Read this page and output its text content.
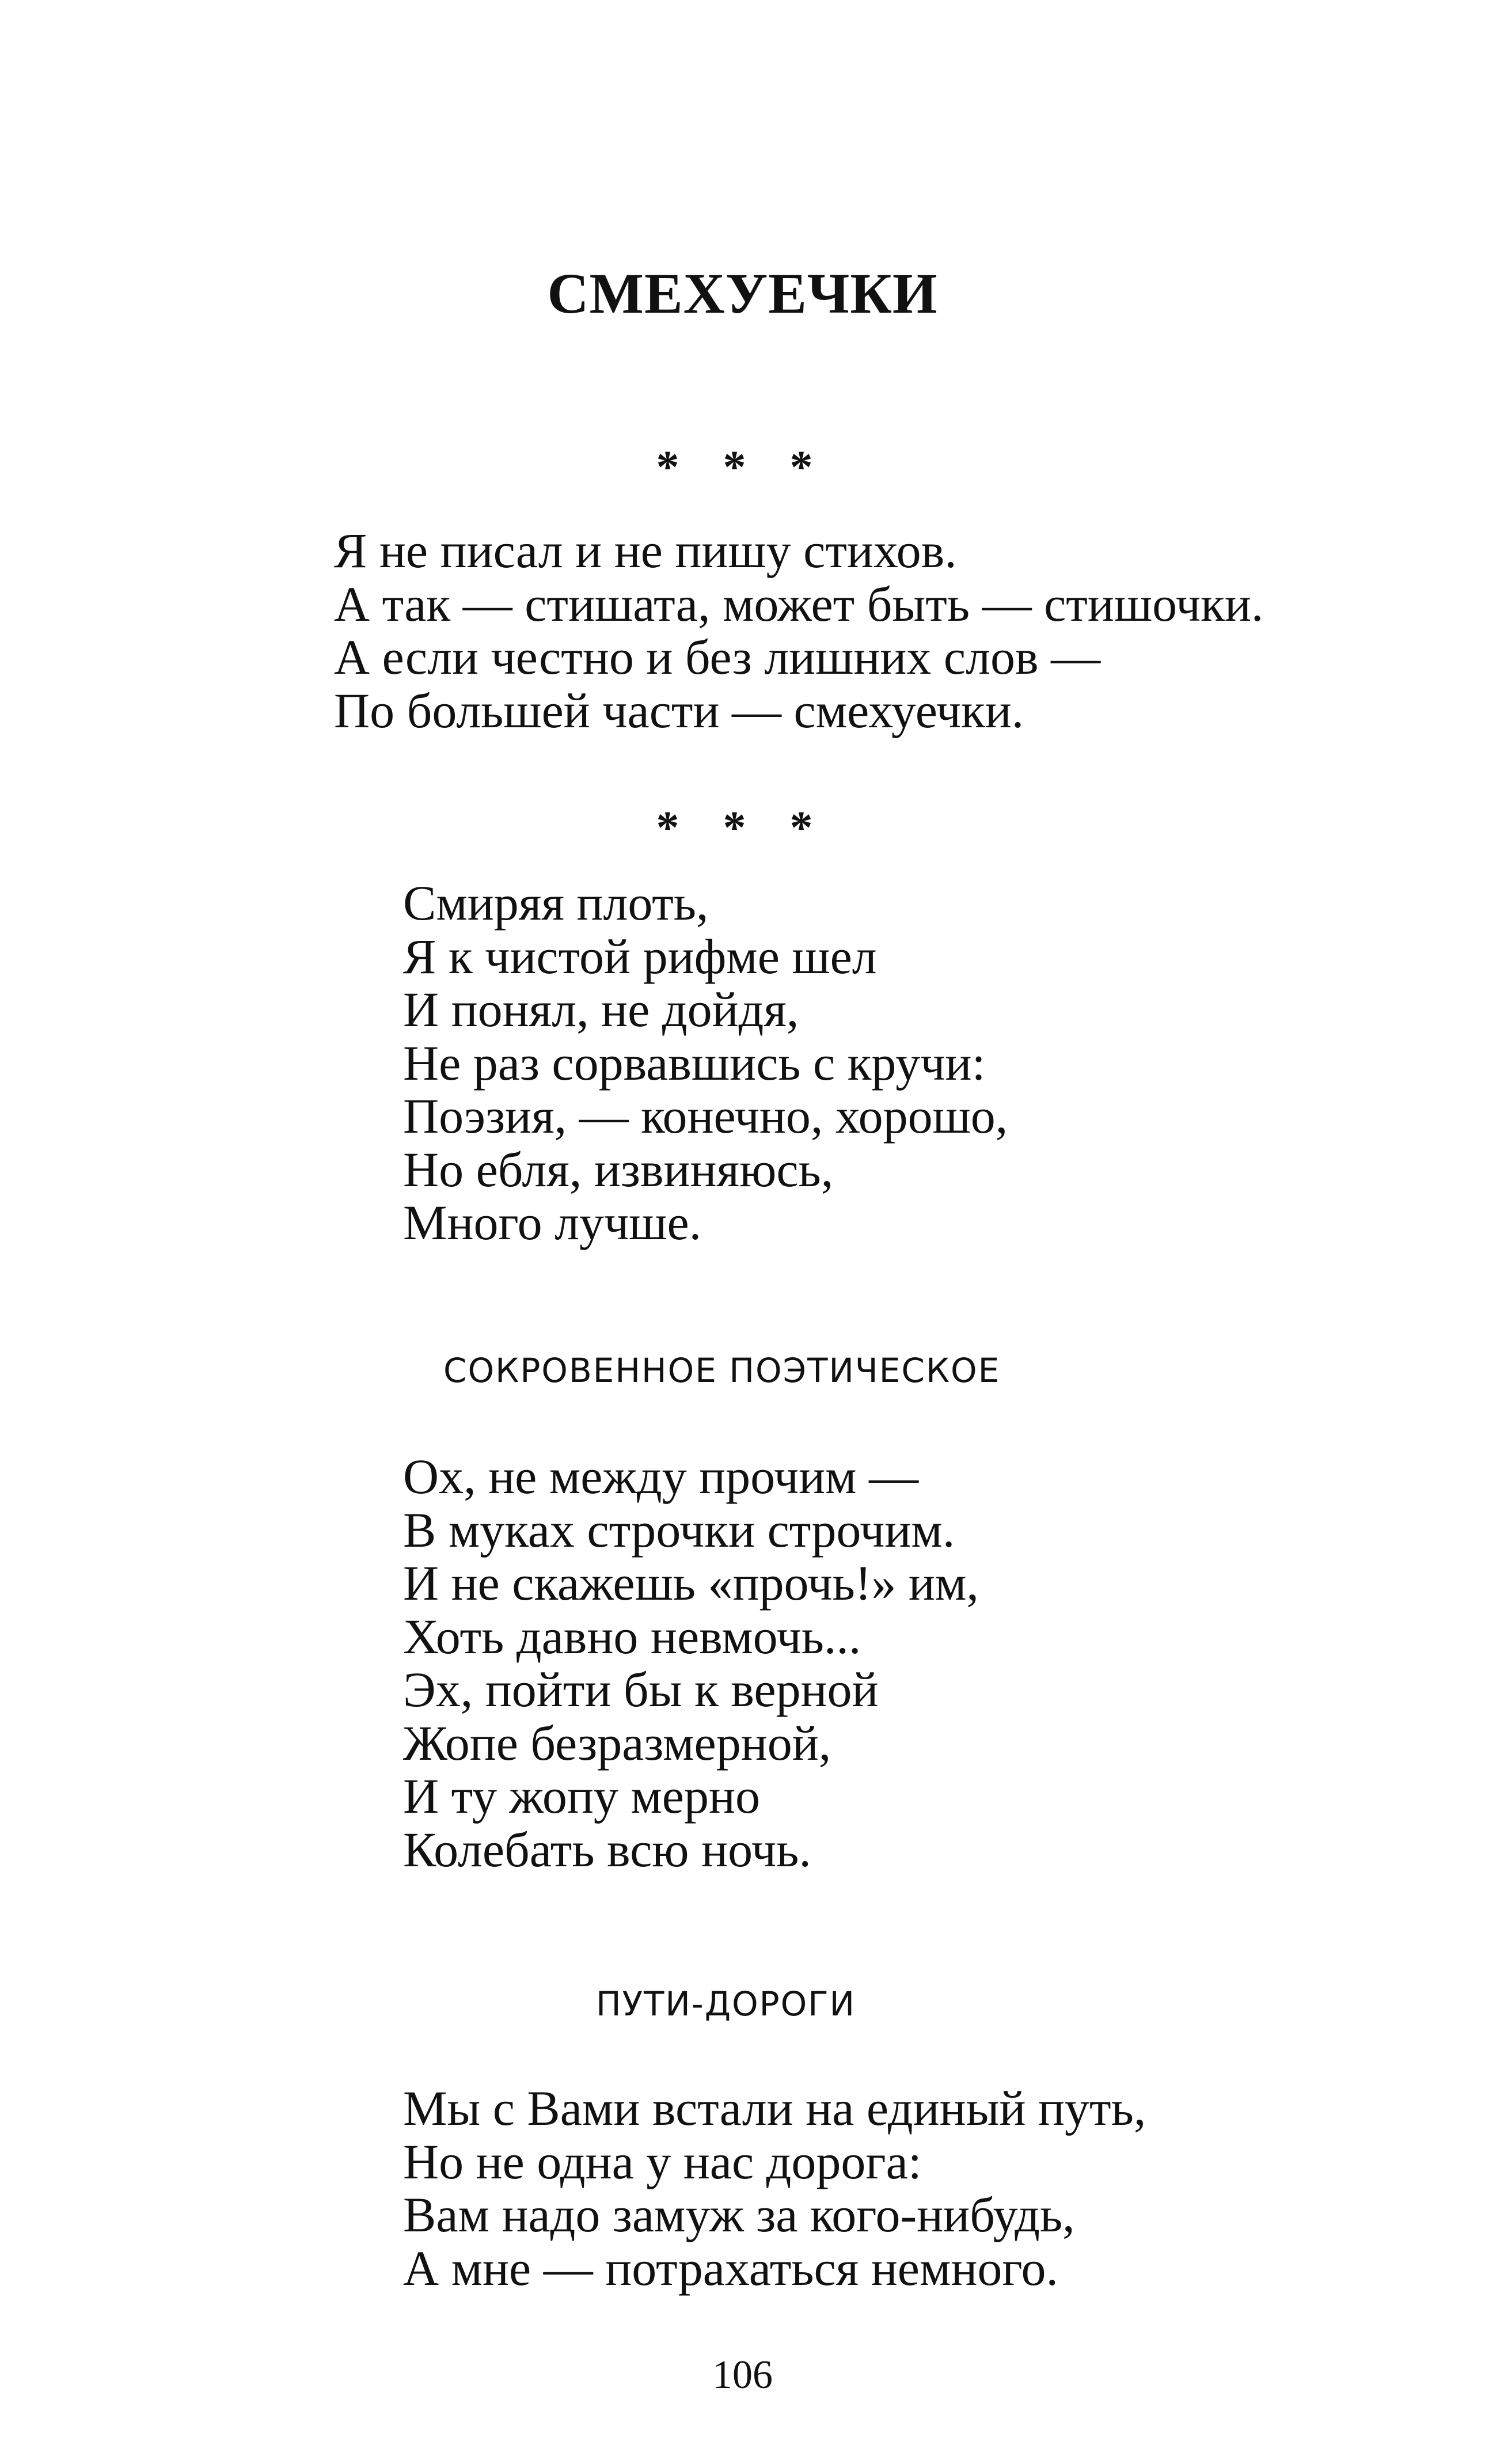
СМЕХУЕЧКИ
* * *
Я не писал и не пишу стихов.
А так — стишата, может быть — стишочки.
А если честно и без лишних слов —
По большей части — смехуечки.
* * *
Смиряя плоть,
Я к чистой рифме шел
И понял, не дойдя,
Не раз сорвавшись с кручи:
Поэзия, — конечно, хорошо,
Но ебля, извиняюсь,
Много лучше.
СОКРОВЕННОЕ ПОЭТИЧЕСКОЕ
Ох, не между прочим —
В муках строчки строчим.
И не скажешь «прочь!» им,
Хоть давно невмочь...
Эх, пойти бы к верной
Жопе безразмерной,
И ту жопу мерно
Колебать всю ночь.
ПУТИ-ДОРОГИ
Мы с Вами встали на единый путь,
Но не одна у нас дорога:
Вам надо замуж за кого-нибудь,
А мне — потрахаться немного.
106
